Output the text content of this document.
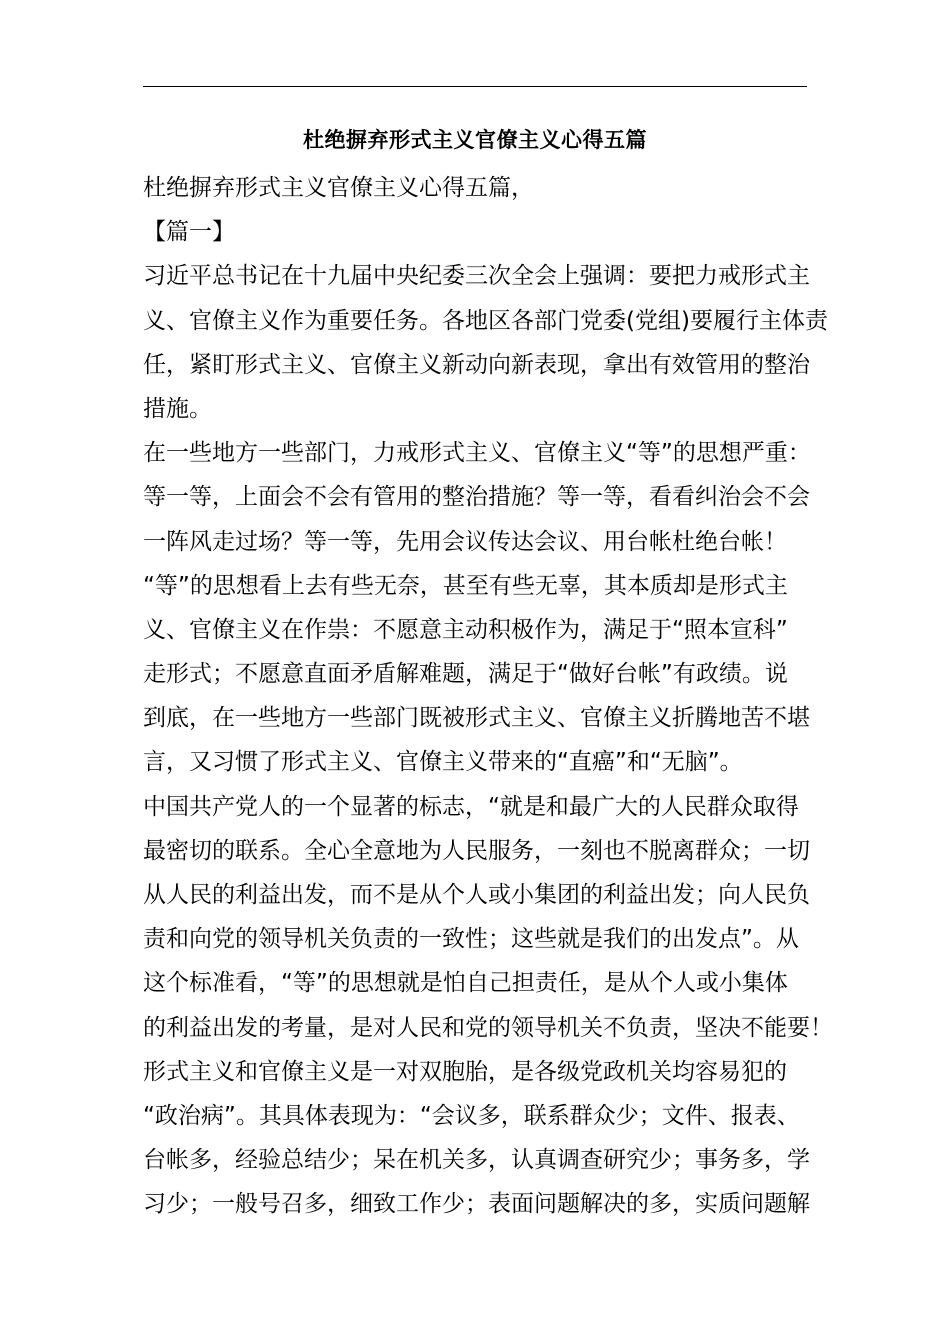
杜绝摒弃形式主义官僚主义心得五篇
杜绝摒弃形式主义官僚主义心得五篇，
【篇一】
习近平总书记在十九届中央纪委三次全会上强调：要把力戒形式主
义、官僚主义作为重要任务。各地区各部门党委(党组)要履行主体责
任，紧盯形式主义、官僚主义新动向新表现，拿出有效管用的整治
措施。
在一些地方一些部门，力戒形式主义、官僚主义“等”的思想严重：
等一等，上面会不会有管用的整治措施？等一等，看看纠治会不会
一阵风走过场？等一等，先用会议传达会议、用台帐杜绝台帐！
“等”的思想看上去有些无奈，甚至有些无辜，其本质却是形式主
义、官僚主义在作祟：不愿意主动积极作为，满足于“照本宣科”
走形式；不愿意直面矛盾解难题，满足于“做好台帐”有政绩。说
到底，在一些地方一些部门既被形式主义、官僚主义折腾地苦不堪
言，又习惯了形式主义、官僚主义带来的“直癌”和“无脑”。
中国共产党人的一个显著的标志，“就是和最广大的人民群众取得
最密切的联系。全心全意地为人民服务，一刻也不脱离群众；一切
从人民的利益出发，而不是从个人或小集团的利益出发；向人民负
责和向党的领导机关负责的一致性；这些就是我们的出发点”。从
这个标准看，“等”的思想就是怕自己担责任，是从个人或小集体
的利益出发的考量，是对人民和党的领导机关不负责，坚决不能要！
形式主义和官僚主义是一对双胞胎，是各级党政机关均容易犯的
“政治病”。其具体表现为：“会议多，联系群众少；文件、报表、
台帐多，经验总结少；呆在机关多，认真调查研究少；事务多，学
习少；一般号召多，细致工作少；表面问题解决的多，实质问题解
